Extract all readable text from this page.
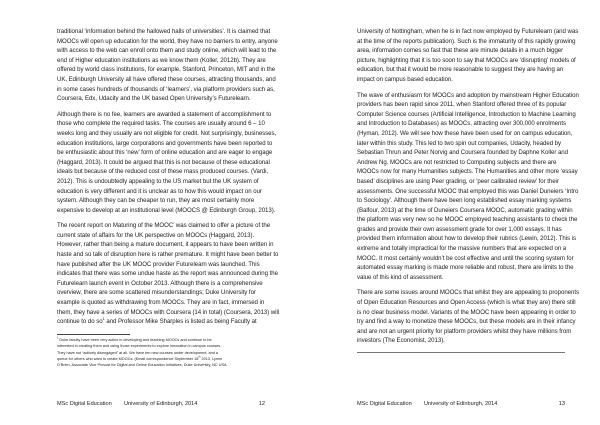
traditional ‘information behind the hallowed halls of universities’. It is claimed that
MOOCs will open up education for the world, they have no barriers to entry, anyone
with access to the web can enroll onto them and study online, which will lead to the
end of Higher education institutions as we know them (Koller, 2012b). They are
offered by world class institutions, for example, Stanford, Princeton, MIT and in the
UK, Edinburgh University all have offered these courses, attracting thousands, and
in some cases hundreds of thousands of ‘learners’, via platform providers such as,
Coursera, Edx, Udacity and the UK based Open University’s Futurelearn.

Although there is no fee, learners are awarded a statement of accomplishment to
those who complete the required tasks. The courses are usually around 6 – 10
weeks long and they usually are not eligible for credit. Not surprisingly, businesses,
education institutions, large corporations and governments have been reported to
be enthusiastic about this ‘new’ form of online education and are eager to engage
(Haggard, 2013). It could be argued that this is not because of these educational
ideals but because of the reduced cost of these mass produced courses. (Vardi,
2012). This is undoubtedly appealing to the US market but the UK system of
education is very different and it is unclear as to how this would impact on our
system. Although they can be cheaper to run, they are most certainly more
expensive to develop at an institutional level (MOOCS @ Edinburgh Group, 2013).

The recent report on Maturing of the MOOC’ was claimed to offer a picture of the
current state of affairs for the UK perspective on MOOCs (Haggard, 2013).
However, rather than being a mature document, it appears to have been written in
haste and so talk of disruption here is rather premature. It might have been better to
have published after the UK MOOC provider Futurelearn was launched. This
indicates that there was some undue haste as the report was announced during the
Futurelearn launch event in October 2013. Although there is a comprehensive
overview, there are some scattered misunderstandings; Duke University for
example is quoted as withdrawing from MOOCs. They are in fact, immersed in
them, they have a series of MOOCs with Coursera (14 in total) (Coursera, 2013) will
continue to do $so^1$ and Professor Mike Sharples is listed as being Faculty at

$^1$ Duke faculty have been very active in developing and teaching MOOCs and continue to be
interested in creating them and using those experiments to explore innovation in campus courses.
They have not “actively disengaged” at all. We have ten new courses under development, and a
queue for others who want to create MOOCs. (Email correspondence September 18th 2013, Lynne
O’Brien, Associate Vice Provost for Digital and Online Education Initiatives, Duke University, NC USA.
MSc Digital Education University of Edinburgh, 2014	12

University of Nottingham, when he is in fact now employed by Futurelearn (and was
at the time of the reports publication). Such is the immaturity of this rapidly growing
area, information comes so fast that these are minute details in a much bigger
picture, highlighting that it is too soon to say that MOOCs are ‘disrupting’ models of
education, but that it would be more reasonable to suggest they are having an
impact on campus based education.

The wave of enthusiasm for MOOCs and adoption by mainstream Higher Education
providers has been rapid since 2011, when Stanford offered three of its popular
Computer Science courses (Artificial Intelligence, Introduction to Machine Learning
and Introduction to Databases) as MOOCs, attracting over 300,000 enrolments
(Hyman, 2012). We will see how these have been used for on campus education,
later within this study. This led to two spin out companies, Udacity, headed by
Sebastian Thrun and Peter Norvig and Coursera founded by Daphne Koller and
Andrew Ng. MOOCs are not restricted to Computing subjects and there are
MOOCs now for many Humanities subjects. The Humanities and other more ‘essay
based’ disciplines are using Peer grading, or ‘peer calibrated review’ for their
assessments. One successful MOOC that employed this was Daniel Duneiers ‘Intro
to Sociology’. Although there have been long established essay marking systems
(Balfour, 2013) at the time of Duneiers Coursera MOOC, automatic grading within
the platform was very new so he MOOC employed teaching assistants to check the
grades and provide their own assessment grade for over 1,000 essays. It has
provided them information about how to develop their rubrics (Lewin, 2012). This is
extreme and totally impractical for the massive numbers that are expected on a
MOOC. It most certainly wouldn’t be cost effective and until the scoring system for
automated essay marking is made more reliable and robust, there are limits to the
value of this kind of assessment.

There are some issues around MOOCs that whilst they are appealing to proponents
of Open Education Resources and Open Access (which is what they are) there still
is no clear business model. Variants of the MOOC have been appearing in order to
try and find a way to monetize these MOOCs, but these models are in their infancy
and are not an urgent priority for platform providers whilst they have millions from
investors (The Economist, 2013).

MSc Digital Education University of Edinburgh, 2014	13
